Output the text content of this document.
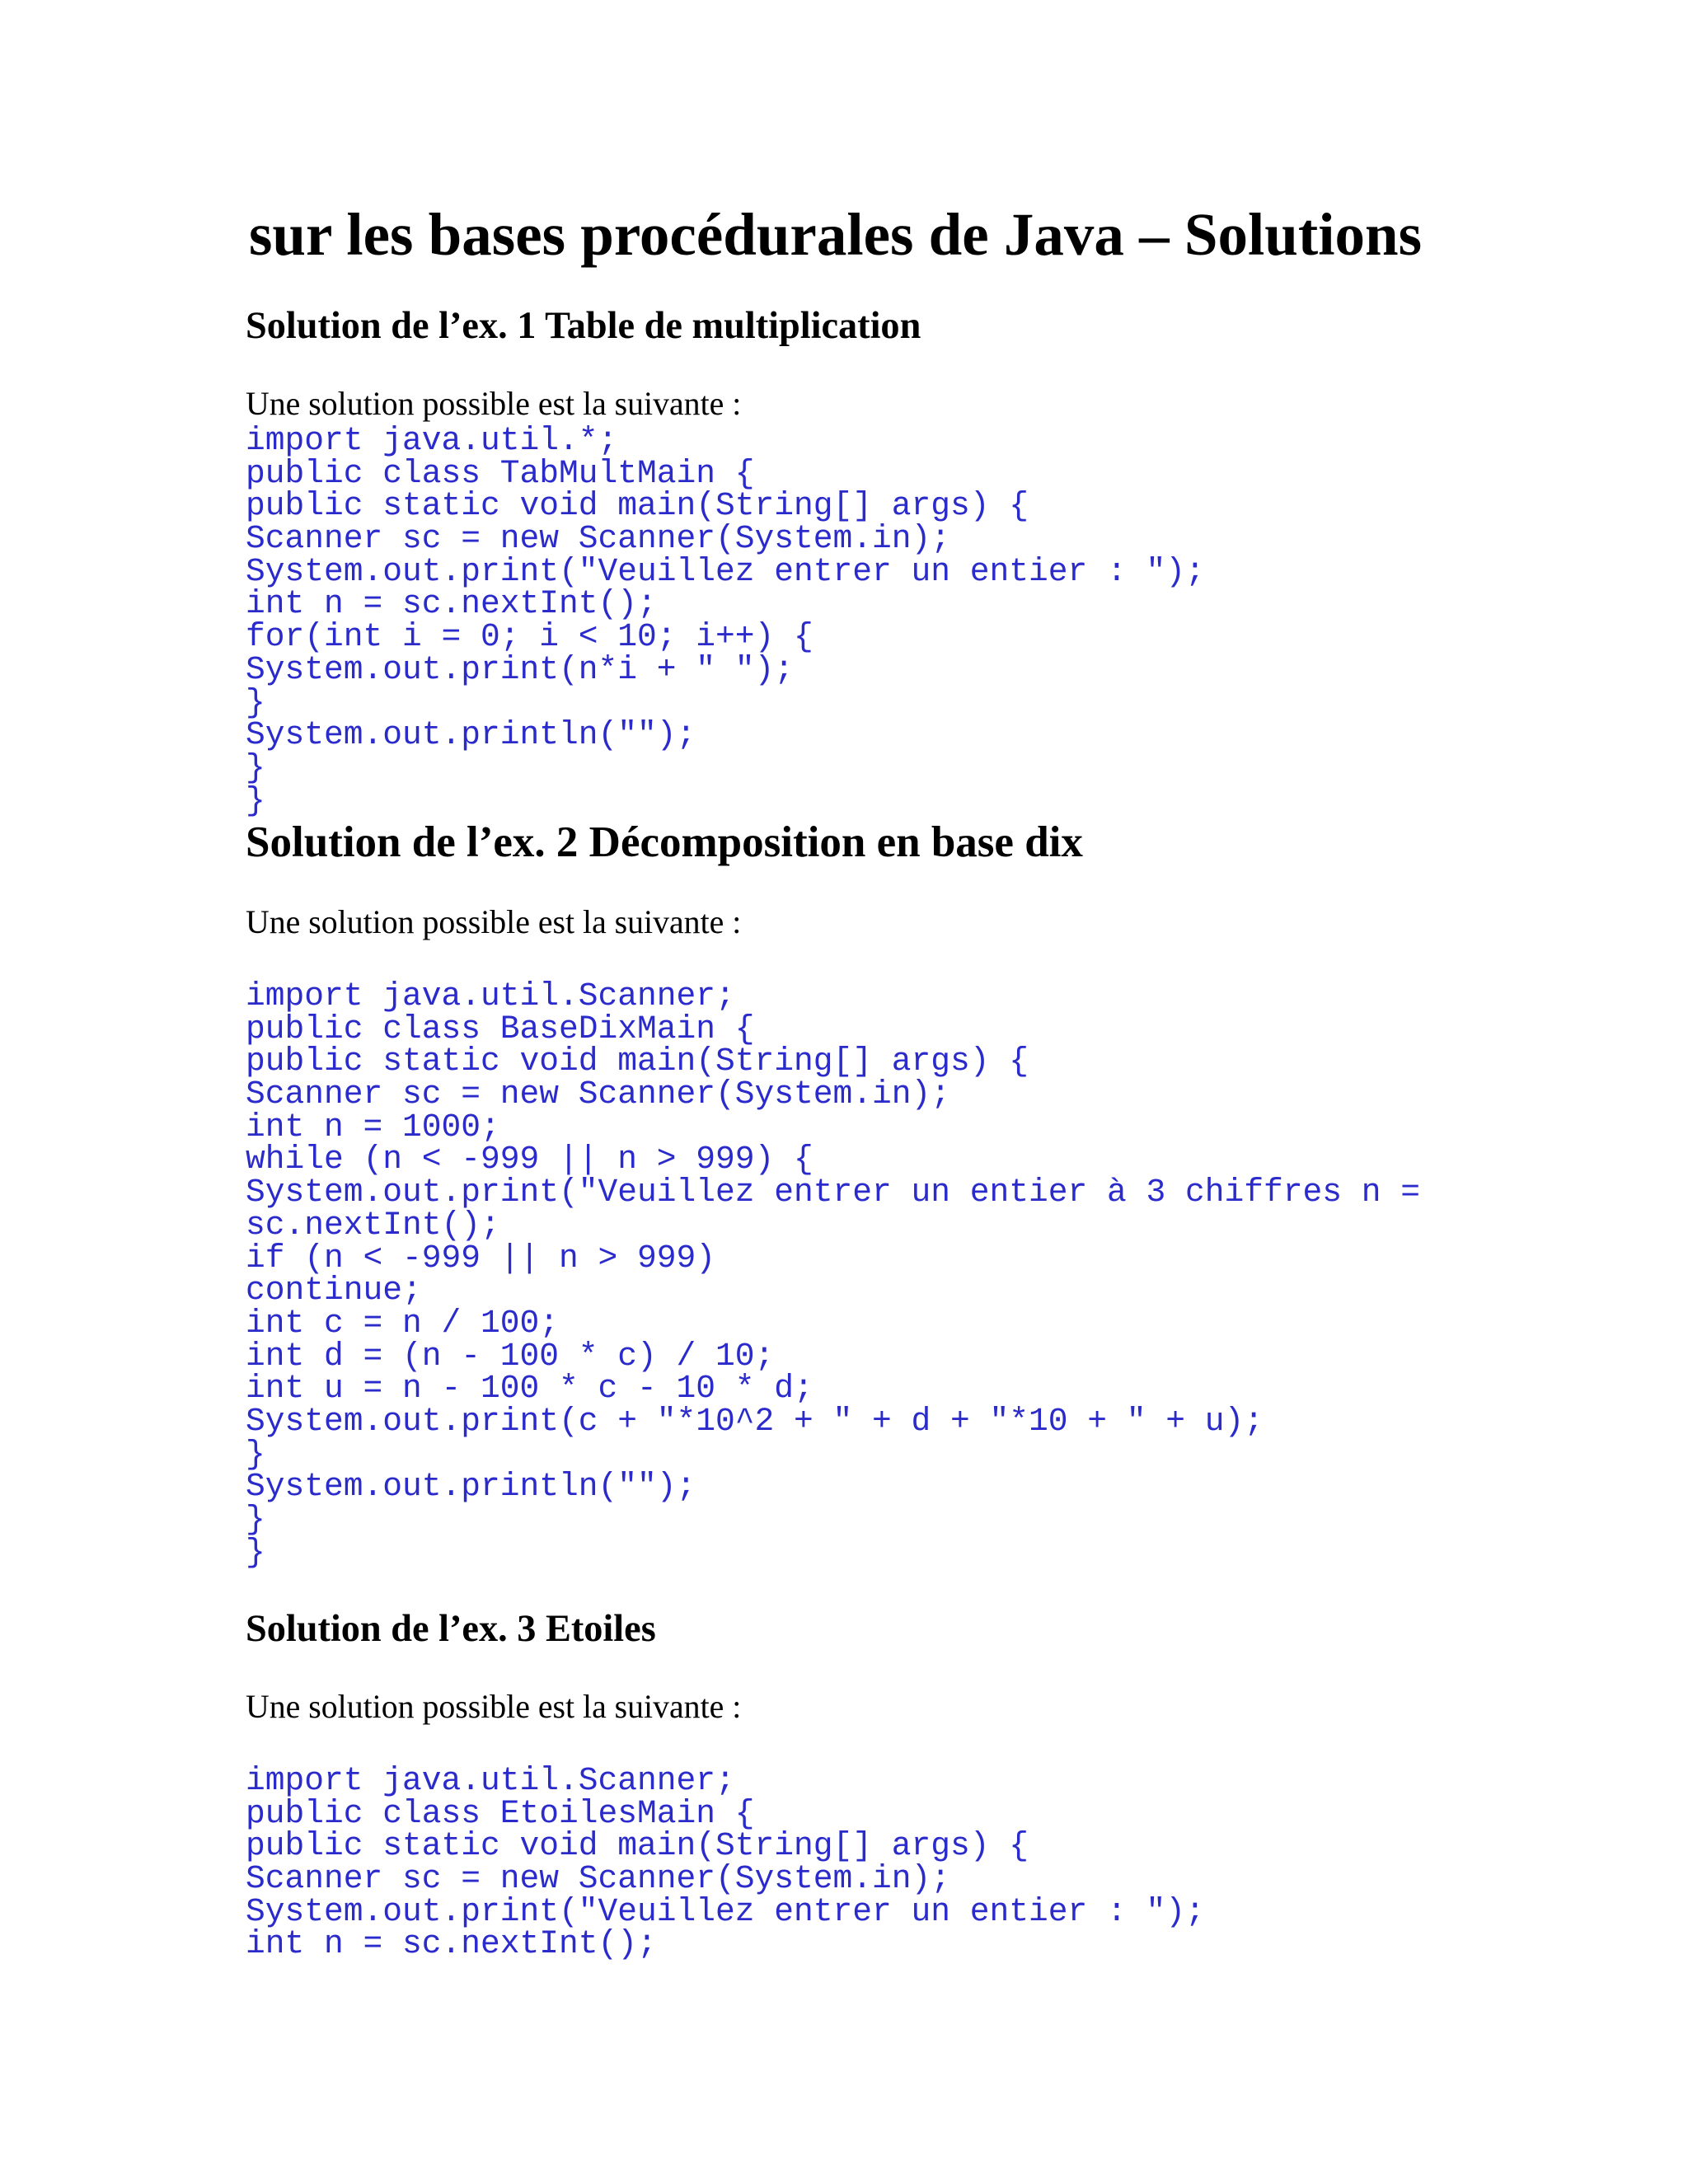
sur les bases procédurales de Java – Solutions
Solution de l’ex. 1 Table de multiplication
Une solution possible est la suivante :
import java.util.*;
public class TabMultMain {
public static void main(String[] args) {
Scanner sc = new Scanner(System.in);
System.out.print("Veuillez entrer un entier : ");
int n = sc.nextInt();
for(int i = 0; i < 10; i++) {
System.out.print(n*i + " ");
}
System.out.println("");
}
}
Solution de l’ex. 2 Décomposition en base dix
Une solution possible est la suivante :
import java.util.Scanner;
public class BaseDixMain {
public static void main(String[] args) {
Scanner sc = new Scanner(System.in);
int n = 1000;
while (n < -999 || n > 999) {
System.out.print("Veuillez entrer un entier à 3 chiffres n =
sc.nextInt();
if (n < -999 || n > 999)
continue;
int c = n / 100;
int d = (n - 100 * c) / 10;
int u = n - 100 * c - 10 * d;
System.out.print(c + "*10^2 + " + d + "*10 + " + u);
}
System.out.println("");
}
}
Solution de l’ex. 3 Etoiles
Une solution possible est la suivante :
import java.util.Scanner;
public class EtoilesMain {
public static void main(String[] args) {
Scanner sc = new Scanner(System.in);
System.out.print("Veuillez entrer un entier : ");
int n = sc.nextInt();
